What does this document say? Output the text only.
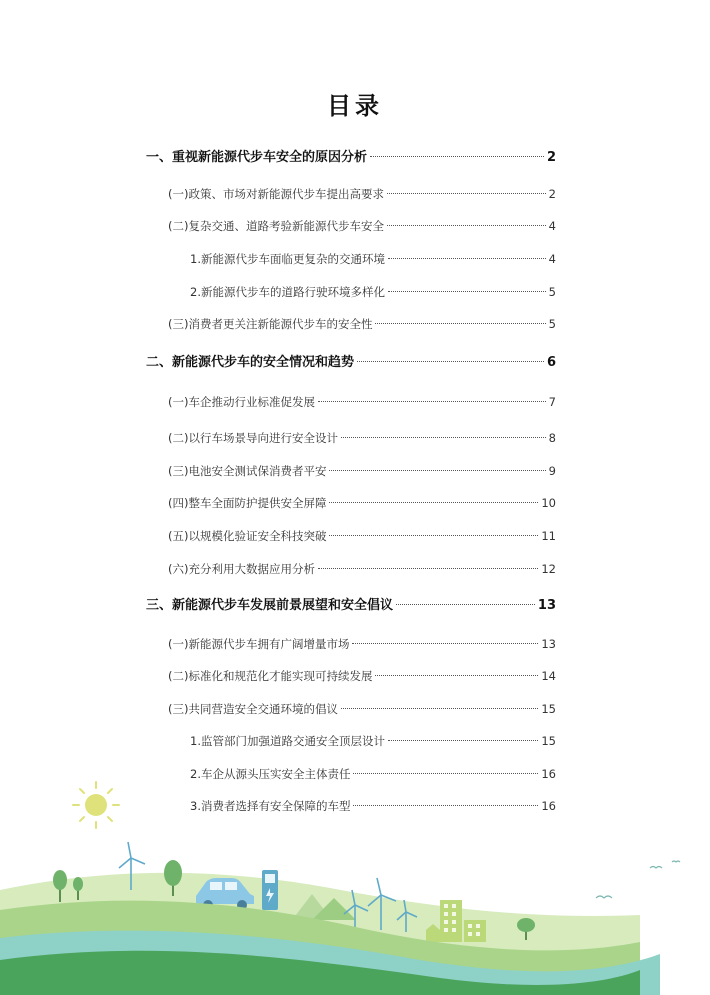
目录
一、重视新能源代步车安全的原因分析	2
(一)政策、市场对新能源代步车提出高要求	2
(二)复杂交通、道路考验新能源代步车安全	4
1.新能源代步车面临更复杂的交通环境	4
2.新能源代步车的道路行驶环境多样化	5
(三)消费者更关注新能源代步车的安全性	5
二、新能源代步车的安全情况和趋势	6
(一)车企推动行业标准促发展	7
(二)以行车场景导向进行安全设计	8
(三)电池安全测试保消费者平安	9
(四)整车全面防护提供安全屏障	10
(五)以规模化验证安全科技突破	11
(六)充分利用大数据应用分析	12
三、新能源代步车发展前景展望和安全倡议	13
(一)新能源代步车拥有广阔增量市场	13
(二)标准化和规范化才能实现可持续发展	14
(三)共同营造安全交通环境的倡议	15
1.监管部门加强道路交通安全顶层设计	15
2.车企从源头压实安全主体责任	16
3.消费者选择有安全保障的车型	16
